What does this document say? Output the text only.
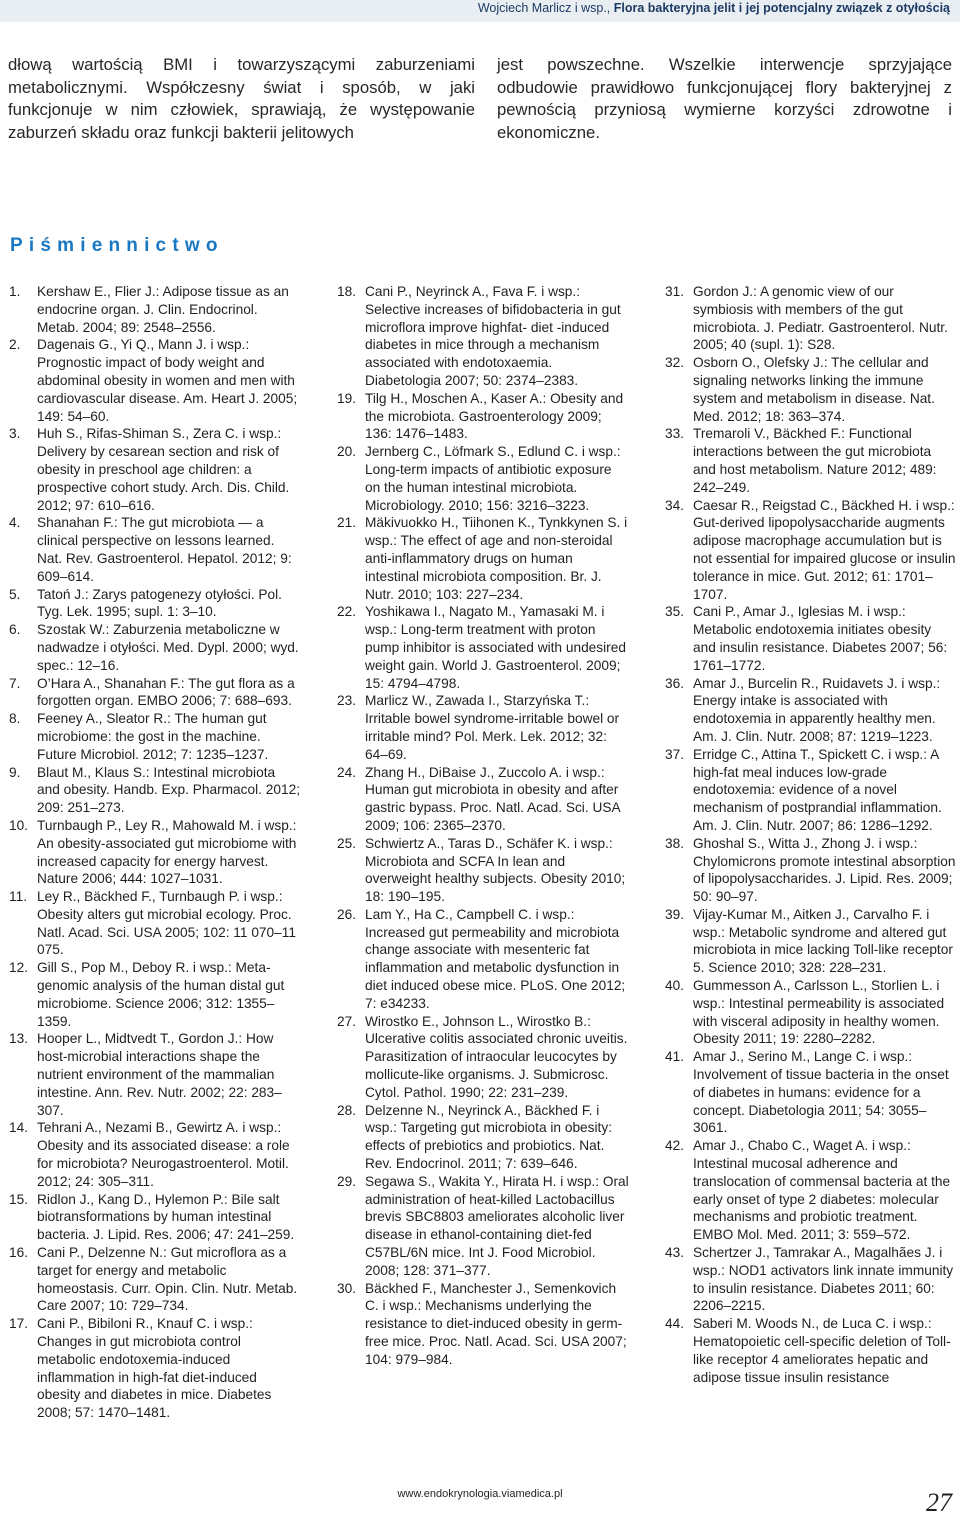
Wojciech Marlicz i wsp., Flora bakteryjna jelit i jej potencjalny związek z otyłością

dłową wartością BMI i towarzyszącymi zaburzeniami metabolicznymi. Współczesny świat i sposób, w jaki funkcjonuje w nim człowiek, sprawiają, że występowanie zaburzeń składu oraz funkcji bakterii jelitowych

jest powszechne. Wszelkie interwencje sprzyjające odbudowie prawidłowo funkcjonującej flory bakteryjnej z pewnością przyniosą wymierne korzyści zdrowotne i ekonomiczne.

Piśmiennictwo
1.	Kershaw E., Flier J.: Adipose tissue as an endocrine organ. J. Clin. Endocrinol. Metab. 2004; 89: 2548–2556.
2.	Dagenais G., Yi Q., Mann J. i wsp.: Prognostic impact of body weight and abdominal obesity in women and men with cardiovascular disease. Am. Heart J. 2005; 149: 54–60.
3.	Huh S., Rifas-Shiman S., Zera C. i wsp.: Delivery by cesarean section and risk of obesity in preschool age children: a prospective cohort study. Arch. Dis. Child. 2012; 97: 610–616.
4.	Shanahan F.: The gut microbiota — a clinical perspective on lessons learned. Nat. Rev. Gastroenterol. Hepatol. 2012; 9: 609–614.
5.	Tatoń J.: Zarys patogenezy otyłości. Pol. Tyg. Lek. 1995; supl. 1: 3–10.
6.	Szostak W.: Zaburzenia metaboliczne w nadwadze i otyłości. Med. Dypl. 2000; wyd. spec.: 12–16.
7.	O’Hara A., Shanahan F.: The gut flora as a forgotten organ. EMBO 2006; 7: 688–693.
8.	Feeney A., Sleator R.: The human gut microbiome: the gost in the machine. Future Microbiol. 2012; 7: 1235–1237.
9.	Blaut M., Klaus S.: Intestinal microbiota and obesity. Handb. Exp. Pharmacol. 2012; 209: 251–273.
10. Turnbaugh P., Ley R., Mahowald M. i wsp.: An obesity-associated gut microbiome with increased capacity for energy harvest. Nature 2006; 444: 1027–1031.
11. Ley R., Bäckhed F., Turnbaugh P. i wsp.: Obesity alters gut microbial ecology. Proc. Natl. Acad. Sci. USA 2005; 102: 11 070–11 075.
12. Gill S., Pop M., Deboy R. i wsp.: Meta-genomic analysis of the human distal gut microbiome. Science 2006; 312: 1355–1359.
13. Hooper L., Midtvedt T., Gordon J.: How host-microbial interactions shape the nutrient environment of the mammalian intestine. Ann. Rev. Nutr. 2002; 22: 283–307.
14. Tehrani A., Nezami B., Gewirtz A. i wsp.: Obesity and its associated disease: a role for microbiota? Neurogastroenterol. Motil. 2012; 24: 305–311.
15. Ridlon J., Kang D., Hylemon P.: Bile salt biotransformations by human intestinal bacteria. J. Lipid. Res. 2006; 47: 241–259.
16. Cani P., Delzenne N.: Gut microflora as a target for energy and metabolic homeostasis. Curr. Opin. Clin. Nutr. Metab. Care 2007; 10: 729–734.
17. Cani P., Bibiloni R., Knauf C. i wsp.: Changes in gut microbiota control metabolic endotoxemia-induced inflammation in high-fat diet-induced obesity and diabetes in mice. Diabetes 2008; 57: 1470–1481.
18. Cani P., Neyrinck A., Fava F. i wsp.: Selective increases of bifidobacteria in gut microflora improve highfat- diet -induced diabetes in mice through a mechanism associated with endotoxaemia. Diabetologia 2007; 50: 2374–2383.
19. Tilg H., Moschen A., Kaser A.: Obesity and the microbiota. Gastroenterology 2009; 136: 1476–1483.
20. Jernberg C., Löfmark S., Edlund C. i wsp.: Long-term impacts of antibiotic exposure on the human intestinal microbiota. Microbiology. 2010; 156: 3216–3223.
21. Mäkivuokko H., Tiihonen K., Tynkkynen S. i wsp.: The effect of age and non-steroidal anti-inflammatory drugs on human intestinal microbiota composition. Br. J. Nutr. 2010; 103: 227–234.
22. Yoshikawa I., Nagato M., Yamasaki M. i wsp.: Long-term treatment with proton pump inhibitor is associated with undesired weight gain. World J. Gastroenterol. 2009; 15: 4794–4798.
23. Marlicz W., Zawada I., Starzyńska T.: Irritable bowel syndrome-irritable bowel or irritable mind? Pol. Merk. Lek. 2012; 32: 64–69.
24. Zhang H., DiBaise J., Zuccolo A. i wsp.: Human gut microbiota in obesity and after gastric bypass. Proc. Natl. Acad. Sci. USA 2009; 106: 2365–2370.
25. Schwiertz A., Taras D., Schäfer K. i wsp.: Microbiota and SCFA In lean and overweight healthy subjects. Obesity 2010; 18: 190–195.
26. Lam Y., Ha C., Campbell C. i wsp.: Increased gut permeability and microbiota change associate with mesenteric fat inflammation and metabolic dysfunction in diet induced obese mice. PLoS. One 2012; 7: e34233.
27. Wirostko E., Johnson L., Wirostko B.: Ulcerative colitis associated chronic uveitis. Parasitization of intraocular leucocytes by mollicute-like organisms. J. Submicrosc. Cytol. Pathol. 1990; 22: 231–239.
28. Delzenne N., Neyrinck A., Bäckhed F. i wsp.: Targeting gut microbiota in obesity: effects of prebiotics and probiotics. Nat. Rev. Endocrinol. 2011; 7: 639–646.
29. Segawa S., Wakita Y., Hirata H. i wsp.: Oral administration of heat-killed Lactobacillus brevis SBC8803 ameliorates alcoholic liver disease in ethanol-containing diet-fed C57BL/6N mice. Int J. Food Microbiol. 2008; 128: 371–377.
30. Bäckhed F., Manchester J., Semenkovich C. i wsp.: Mechanisms underlying the resistance to diet-induced obesity in germ-free mice. Proc. Natl. Acad. Sci. USA 2007; 104: 979–984.
31. Gordon J.: A genomic view of our symbiosis with members of the gut microbiota. J. Pediatr. Gastroenterol. Nutr. 2005; 40 (supl. 1): S28.
32. Osborn O., Olefsky J.: The cellular and signaling networks linking the immune system and metabolism in disease. Nat. Med. 2012; 18: 363–374.
33. Tremaroli V., Bäckhed F.: Functional interactions between the gut microbiota and host metabolism. Nature 2012; 489: 242–249.
34. Caesar R., Reigstad C., Bäckhed H. i wsp.: Gut-derived lipopolysaccharide augments adipose macrophage accumulation but is not essential for impaired glucose or insulin tolerance in mice. Gut. 2012; 61: 1701–1707.
35. Cani P., Amar J., Iglesias M. i wsp.: Metabolic endotoxemia initiates obesity and insulin resistance. Diabetes 2007; 56: 1761–1772.
36. Amar J., Burcelin R., Ruidavets J. i wsp.: Energy intake is associated with endotoxemia in apparently healthy men. Am. J. Clin. Nutr. 2008; 87: 1219–1223.
37. Erridge C., Attina T., Spickett C. i wsp.: A high-fat meal induces low-grade endotoxemia: evidence of a novel mechanism of postprandial inflammation. Am. J. Clin. Nutr. 2007; 86: 1286–1292.
38. Ghoshal S., Witta J., Zhong J. i wsp.: Chylomicrons promote intestinal absorption of lipopolysaccharides. J. Lipid. Res. 2009; 50: 90–97.
39. Vijay-Kumar M., Aitken J., Carvalho F. i wsp.: Metabolic syndrome and altered gut microbiota in mice lacking Toll-like receptor 5. Science 2010; 328: 228–231.
40. Gummesson A., Carlsson L., Storlien L. i wsp.: Intestinal permeability is associated with visceral adiposity in healthy women. Obesity 2011; 19: 2280–2282.
41. Amar J., Serino M., Lange C. i wsp.: Involvement of tissue bacteria in the onset of diabetes in humans: evidence for a concept. Diabetologia 2011; 54: 3055–3061.
42. Amar J., Chabo C., Waget A. i wsp.: Intestinal mucosal adherence and translocation of commensal bacteria at the early onset of type 2 diabetes: molecular mechanisms and probiotic treatment. EMBO Mol. Med. 2011; 3: 559–572.
43. Schertzer J., Tamrakar A., Magalhães J. i wsp.: NOD1 activators link innate immunity to insulin resistance. Diabetes 2011; 60: 2206–2215.
44. Saberi M. Woods N., de Luca C. i wsp.: Hematopoietic cell-specific deletion of Toll-like receptor 4 ameliorates hepatic and adipose tissue insulin resistance
www.endokrynologia.viamedica.pl	27
